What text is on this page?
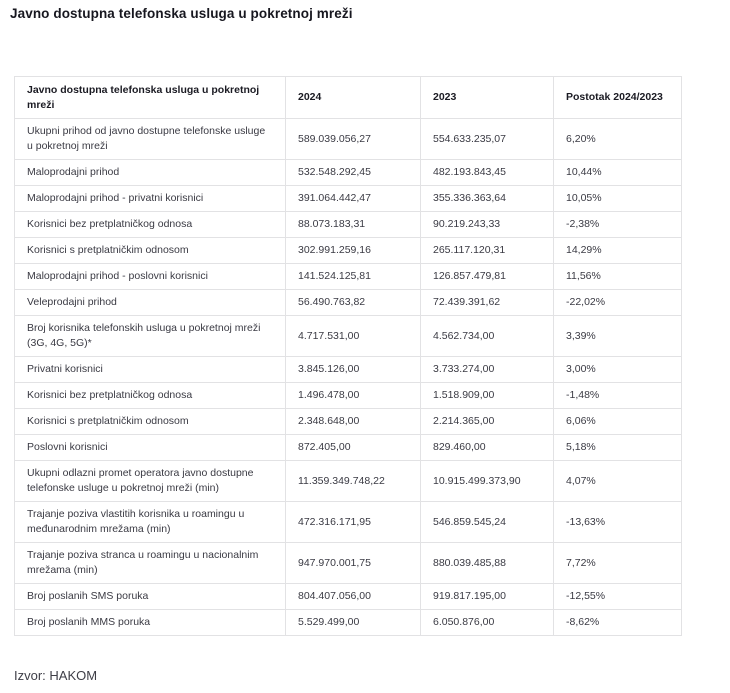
Javno dostupna telefonska usluga u pokretnoj mreži
Javno dostupna telefonska usluga u pokretnoj mreži	2024	2023	Postotak 2024/2023
Ukupni prihod od javno dostupne telefonske usluge u pokretnoj mreži	589.039.056,27	554.633.235,07	6,20%
Maloprodajni prihod	532.548.292,45	482.193.843,45	10,44%
Maloprodajni prihod - privatni korisnici	391.064.442,47	355.336.363,64	10,05%
Korisnici bez pretplatničkog odnosa	88.073.183,31	90.219.243,33	-2,38%
Korisnici s pretplatničkim odnosom	302.991.259,16	265.117.120,31	14,29%
Maloprodajni prihod - poslovni korisnici	141.524.125,81	126.857.479,81	11,56%
Veleprodajni prihod	56.490.763,82	72.439.391,62	-22,02%
Broj korisnika telefonskih usluga u pokretnoj mreži (3G, 4G, 5G)*	4.717.531,00	4.562.734,00	3,39%
Privatni korisnici	3.845.126,00	3.733.274,00	3,00%
Korisnici bez pretplatničkog odnosa	1.496.478,00	1.518.909,00	-1,48%
Korisnici s pretplatničkim odnosom	2.348.648,00	2.214.365,00	6,06%
Poslovni korisnici	872.405,00	829.460,00	5,18%
Ukupni odlazni promet operatora javno dostupne telefonske usluge u pokretnoj mreži (min)	11.359.349.748,22	10.915.499.373,90	4,07%
Trajanje poziva vlastitih korisnika u roamingu u međunarodnim mrežama (min)	472.316.171,95	546.859.545,24	-13,63%
Trajanje poziva stranca u roamingu u nacionalnim mrežama (min)	947.970.001,75	880.039.485,88	7,72%
Broj poslanih SMS poruka	804.407.056,00	919.817.195,00	-12,55%
Broj poslanih MMS poruka	5.529.499,00	6.050.876,00	-8,62%
Izvor: HAKOM
